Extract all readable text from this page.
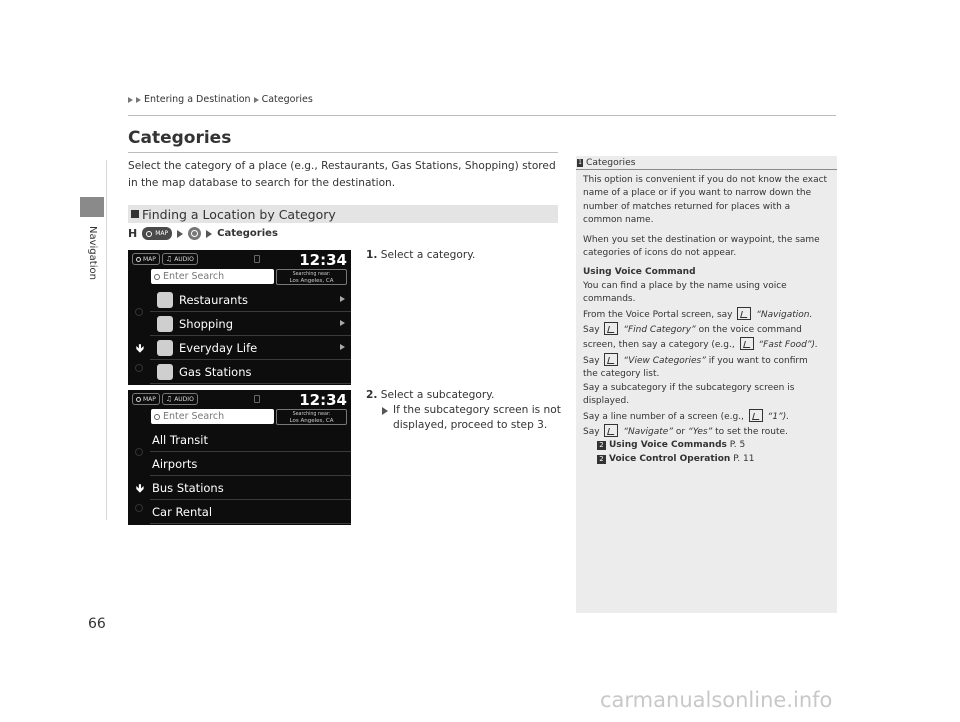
Navigation
Entering a Destination Categories
Categories
Select the category of a place (e.g., Restaurants, Gas Stations, Shopping) stored in the map database to search for the destination.
Finding a Location by Category
H	MAP	Categories
MAP ♫ AUDIO	12:34
Enter Search	Searching near:
Los Angeles, CA
🡻
Restaurants
Shopping
Everyday Life
Gas Stations
MAP ♫ AUDIO	12:34
Enter Search	Searching near:
Los Angeles, CA
🡻
All Transit
Airports
Bus Stations
Car Rental
1. Select a category.
2. Select a subcategory.
If the subcategory screen is not displayed, proceed to step 3.
1 Categories

This option is convenient if you do not know the exact name of a place or if you want to narrow down the number of matches returned for places with a common name.

When you set the destination or waypoint, the same categories of icons do not appear.

Using Voice Command

You can find a place by the name using voice commands.

From the Voice Portal screen, say	“Navigation.

Say	“Find Category” on the voice command

screen, then say a category (e.g.,	“Fast Food”).

Say	“View Categories” if you want to confirm

the category list.

Say a subcategory if the subcategory screen is displayed.

Say a line number of a screen (e.g.,	“1”).

Say	“Navigate” or “Yes” to set the route.

2 Using Voice Commands P. 5
2 Voice Control Operation P. 11
66
carmanualsonline.info
